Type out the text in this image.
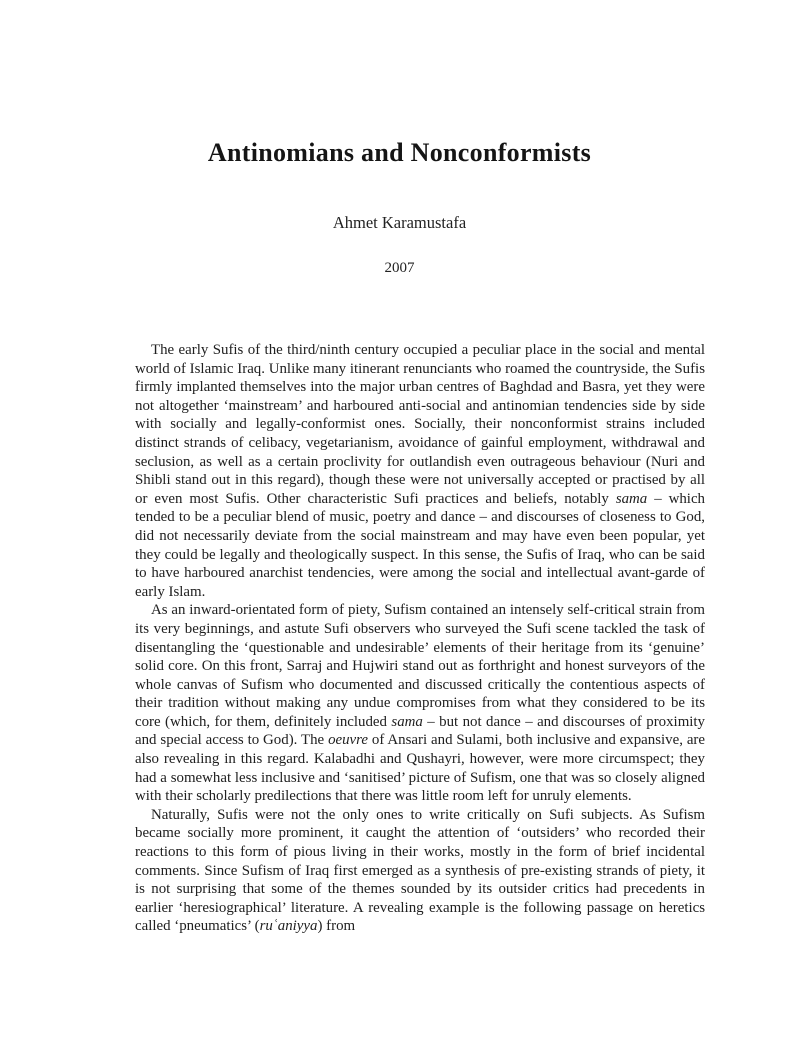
Antinomians and Nonconformists
Ahmet Karamustafa
2007

The early Sufis of the third/ninth century occupied a peculiar place in the social and mental world of Islamic Iraq. Unlike many itinerant renunciants who roamed the countryside, the Sufis firmly implanted themselves into the major urban centres of Baghdad and Basra, yet they were not altogether ‘mainstream’ and harboured anti-social and antinomian tendencies side by side with socially and legally-conformist ones. Socially, their nonconformist strains included distinct strands of celibacy, vegetarianism, avoidance of gainful employment, withdrawal and seclusion, as well as a certain proclivity for outlandish even outrageous behaviour (Nuri and Shibli stand out in this regard), though these were not universally accepted or practised by all or even most Sufis. Other characteristic Sufi practices and beliefs, notably sama – which tended to be a peculiar blend of music, poetry and dance – and discourses of closeness to God, did not necessarily deviate from the social mainstream and may have even been popular, yet they could be legally and theologically suspect. In this sense, the Sufis of Iraq, who can be said to have harboured anarchist tendencies, were among the social and intellectual avant-garde of early Islam.

As an inward-orientated form of piety, Sufism contained an intensely self-critical strain from its very beginnings, and astute Sufi observers who surveyed the Sufi scene tackled the task of disentangling the ‘questionable and undesirable’ elements of their heritage from its ‘genuine’ solid core. On this front, Sarraj and Hujwiri stand out as forthright and honest surveyors of the whole canvas of Sufism who documented and discussed critically the contentious aspects of their tradition without making any undue compromises from what they considered to be its core (which, for them, definitely included sama – but not dance – and discourses of proximity and special access to God). The oeuvre of Ansari and Sulami, both inclusive and expansive, are also revealing in this regard. Kalabadhi and Qushayri, however, were more circumspect; they had a somewhat less inclusive and ‘sanitised’ picture of Sufism, one that was so closely aligned with their scholarly predilections that there was little room left for unruly elements.

Naturally, Sufis were not the only ones to write critically on Sufi subjects. As Sufism became socially more prominent, it caught the attention of ‘outsiders’ who recorded their reactions to this form of pious living in their works, mostly in the form of brief incidental comments. Since Sufism of Iraq first emerged as a synthesis of pre-existing strands of piety, it is not surprising that some of the themes sounded by its outsider critics had precedents in earlier ‘heresiographical’ literature. A revealing example is the following passage on heretics called ‘pneumatics’ (ruʿaniyya) from
